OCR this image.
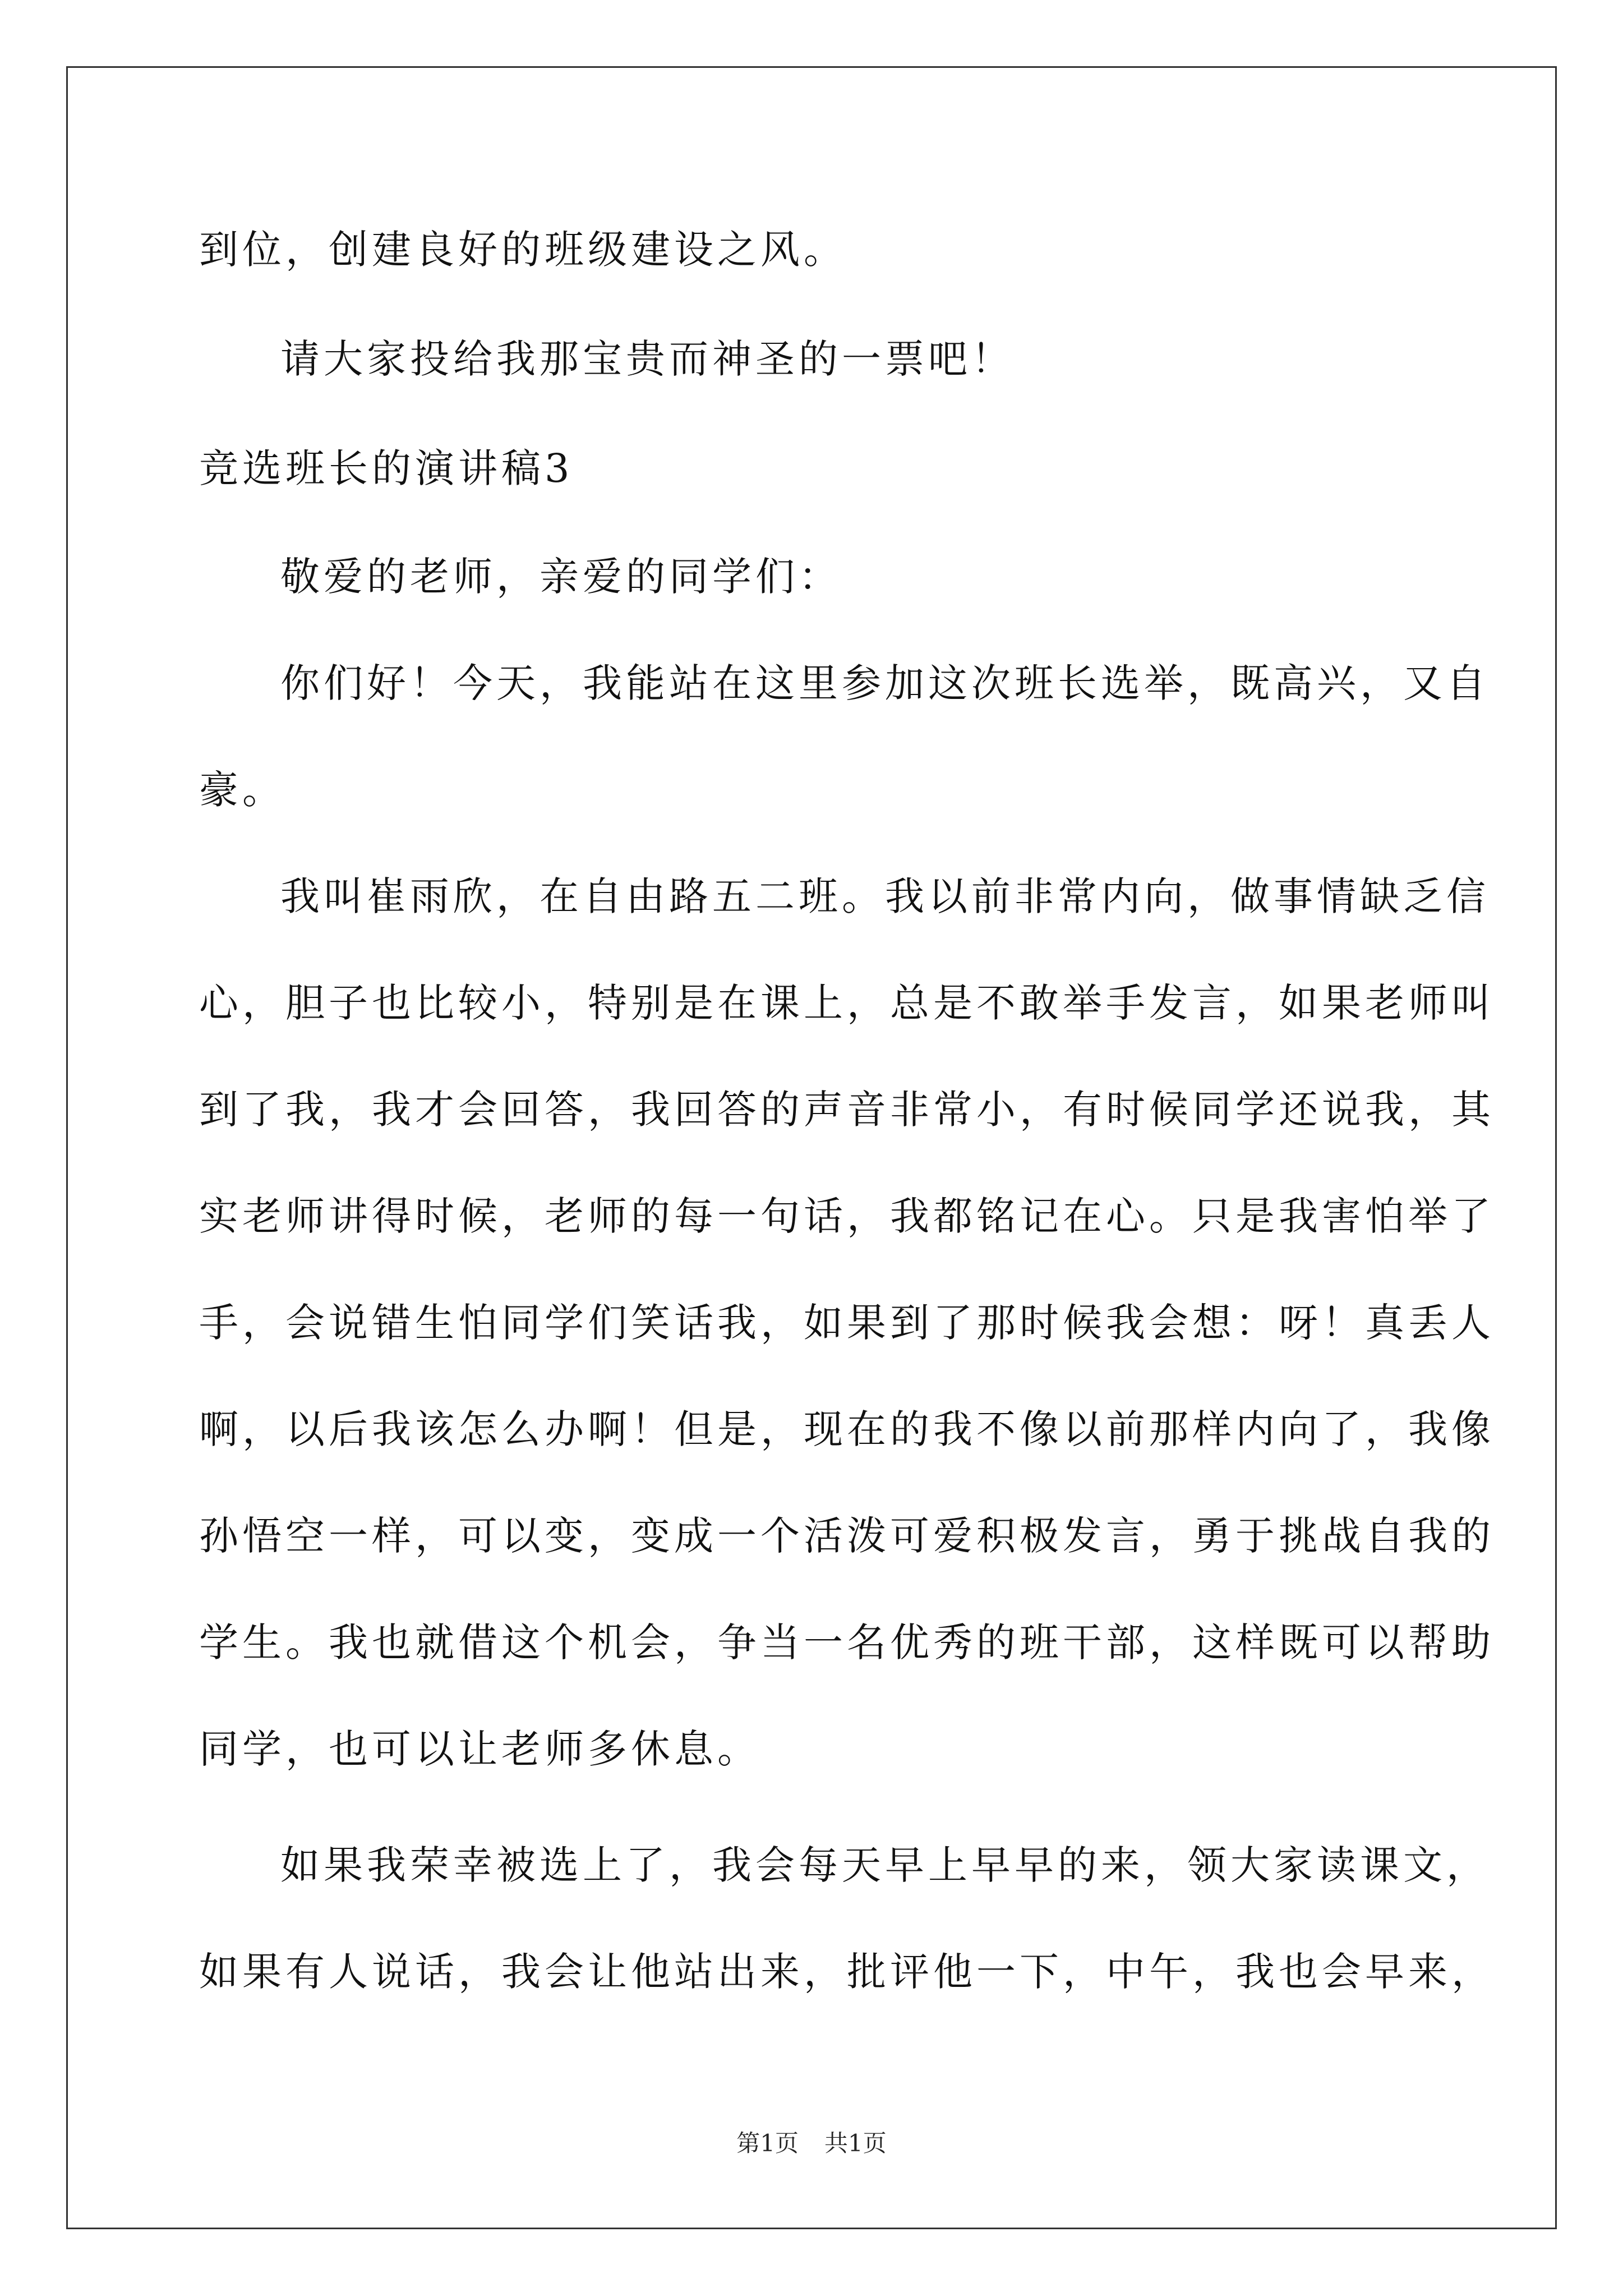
到位，创建良好的班级建设之风。

请大家投给我那宝贵而神圣的一票吧！

竞选班长的演讲稿3

敬爱的老师，亲爱的同学们：

你们好！今天，我能站在这里参加这次班长选举，既高兴，又自

豪。

我叫崔雨欣，在自由路五二班。我以前非常内向，做事情缺乏信

心，胆子也比较小，特别是在课上，总是不敢举手发言，如果老师叫

到了我，我才会回答，我回答的声音非常小，有时候同学还说我，其

实老师讲得时候，老师的每一句话，我都铭记在心。只是我害怕举了

手，会说错生怕同学们笑话我，如果到了那时候我会想：呀！真丢人

啊，以后我该怎么办啊！但是，现在的我不像以前那样内向了，我像

孙悟空一样，可以变，变成一个活泼可爱积极发言，勇于挑战自我的

学生。我也就借这个机会，争当一名优秀的班干部，这样既可以帮助

同学，也可以让老师多休息。

如果我荣幸被选上了，我会每天早上早早的来，领大家读课文，

如果有人说话，我会让他站出来，批评他一下，中午，我也会早来，

第1页 共1页
